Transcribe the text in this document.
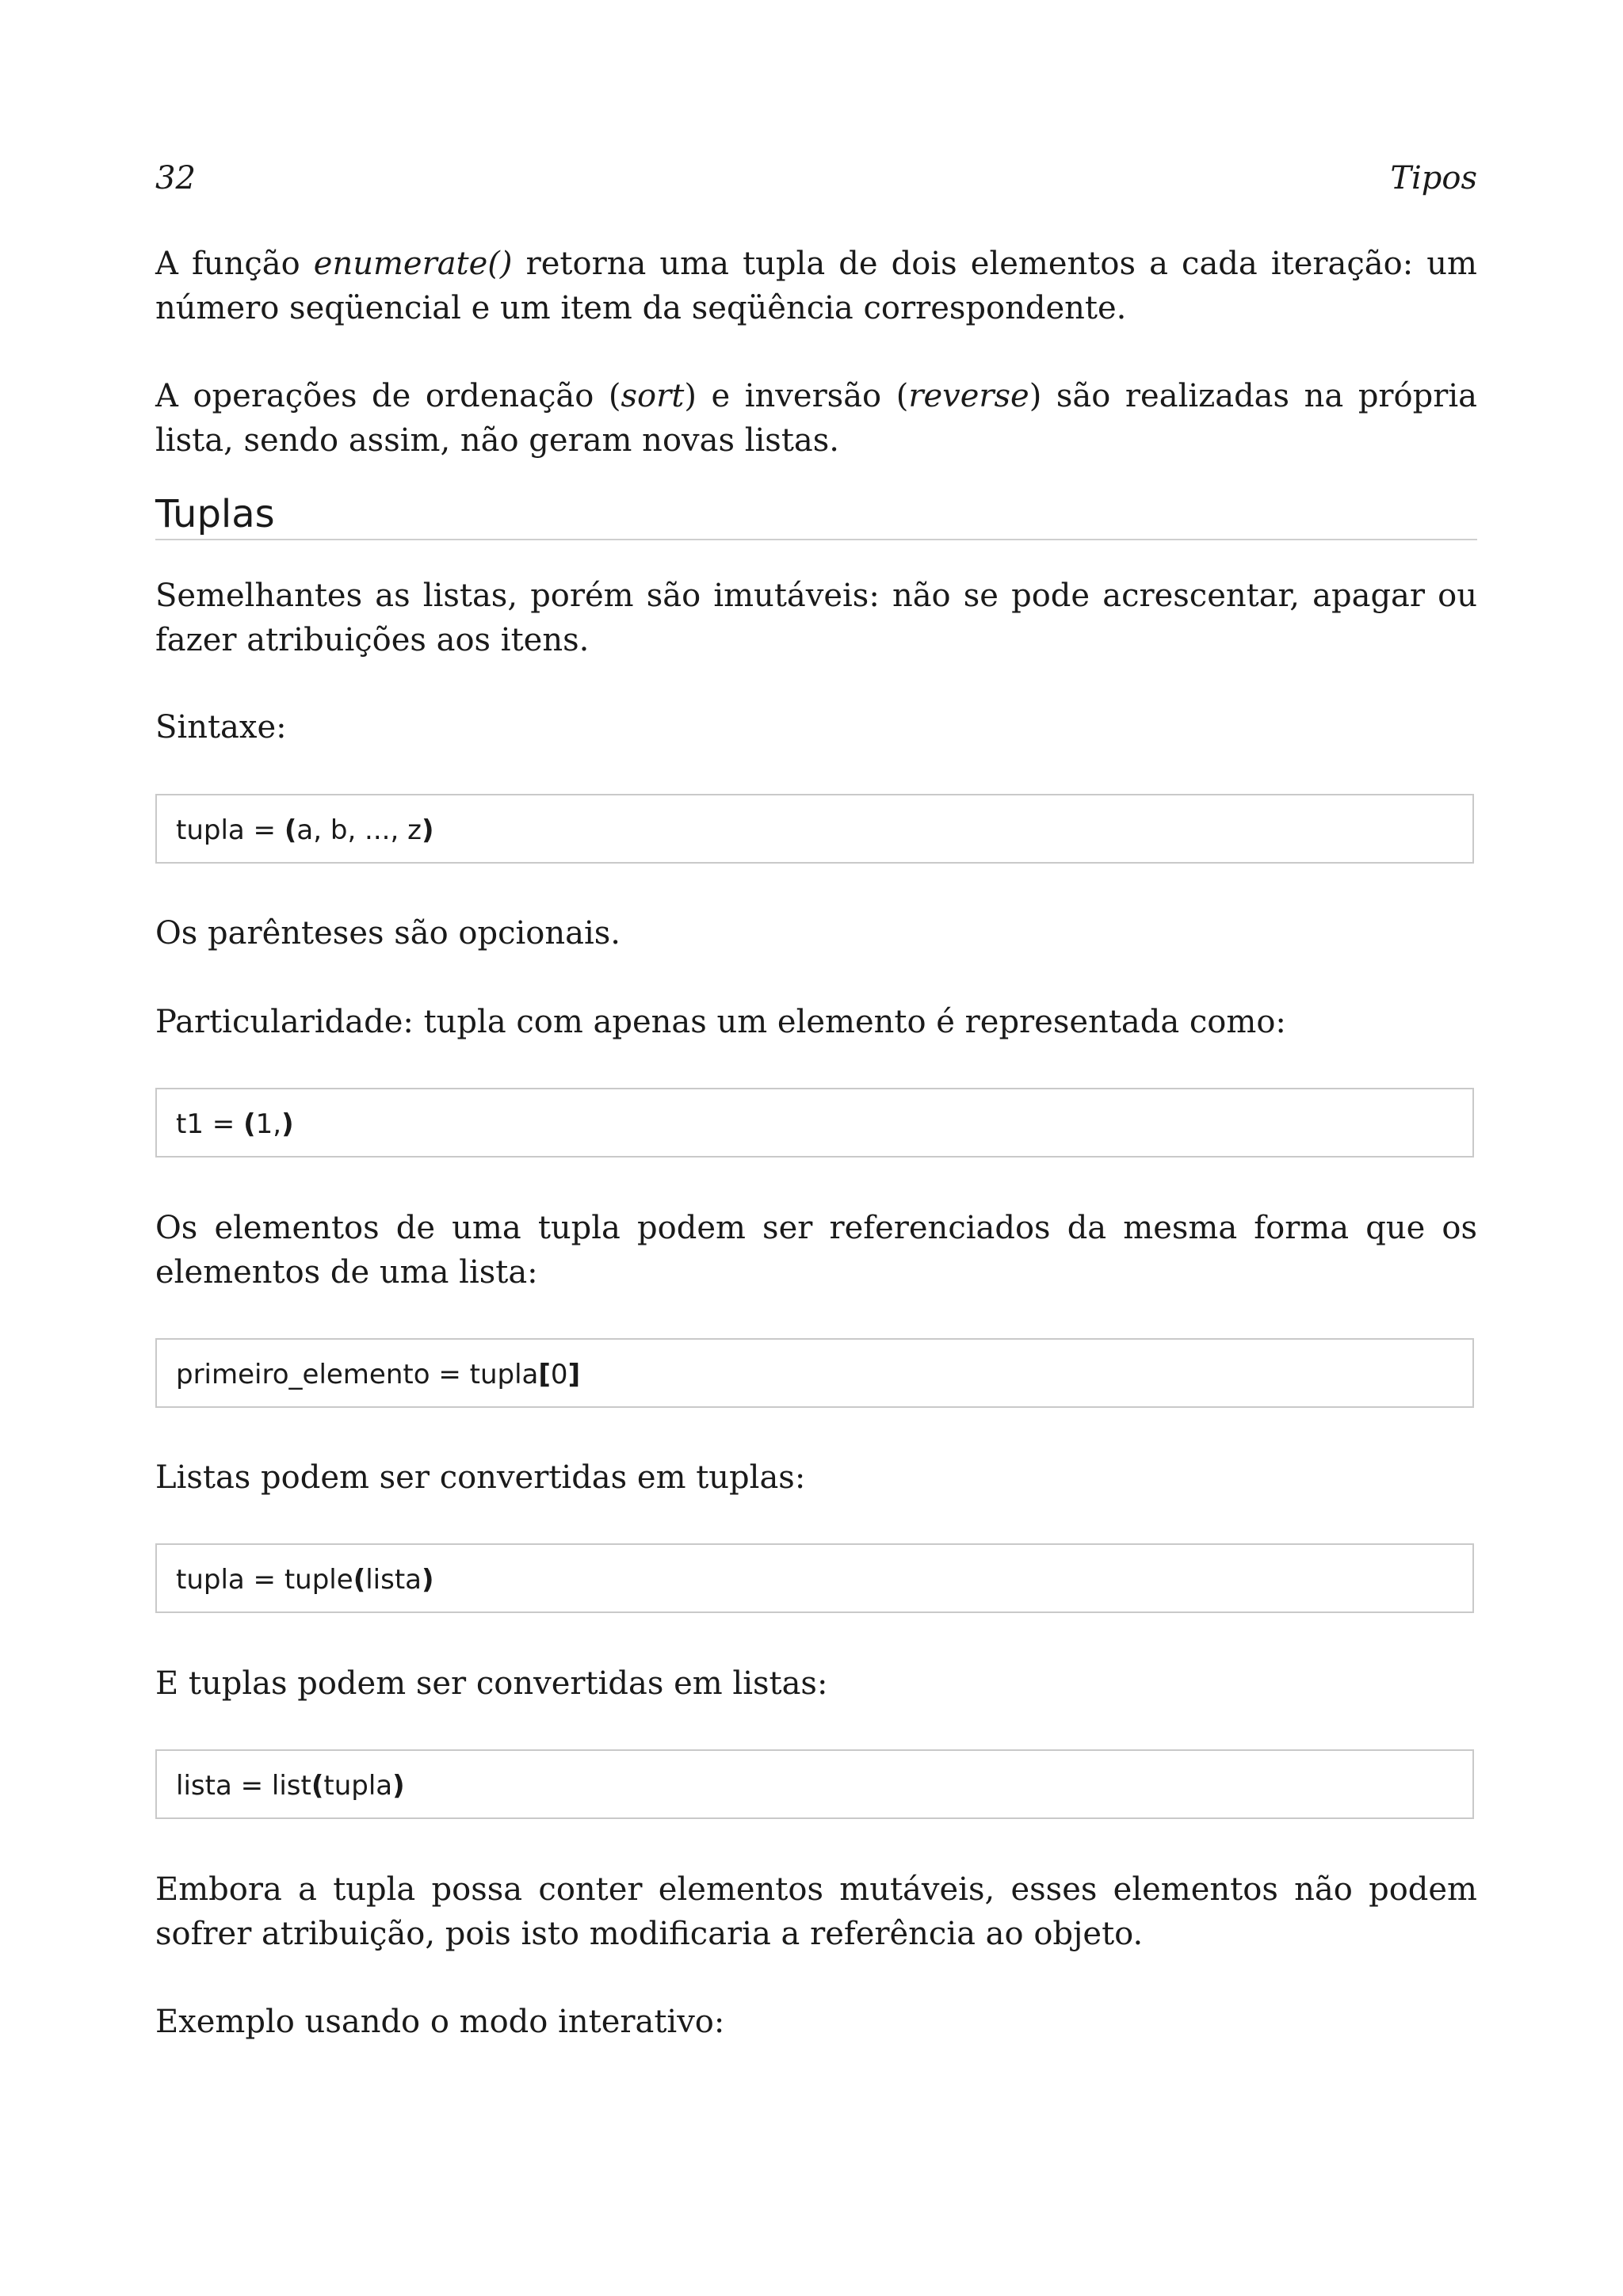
32	Tipos

A função enumerate() retorna uma tupla de dois elementos a cada iteração: um número seqüencial e um item da seqüência correspondente.

A operações de ordenação (sort) e inversão (reverse) são realizadas na própria lista, sendo assim, não geram novas listas.

Tuplas

Semelhantes as listas, porém são imutáveis: não se pode acrescentar, apagar ou fazer atribuições aos itens.

Sintaxe:

tupla = (a, b, ..., z)

Os parênteses são opcionais.

Particularidade: tupla com apenas um elemento é representada como:

t1 = (1,)

Os elementos de uma tupla podem ser referenciados da mesma forma que os elementos de uma lista:

primeiro_elemento = tupla[0]

Listas podem ser convertidas em tuplas:

tupla = tuple(lista)

E tuplas podem ser convertidas em listas:

lista = list(tupla)

Embora a tupla possa conter elementos mutáveis, esses elementos não podem sofrer atribuição, pois isto modificaria a referência ao objeto.

Exemplo usando o modo interativo:
